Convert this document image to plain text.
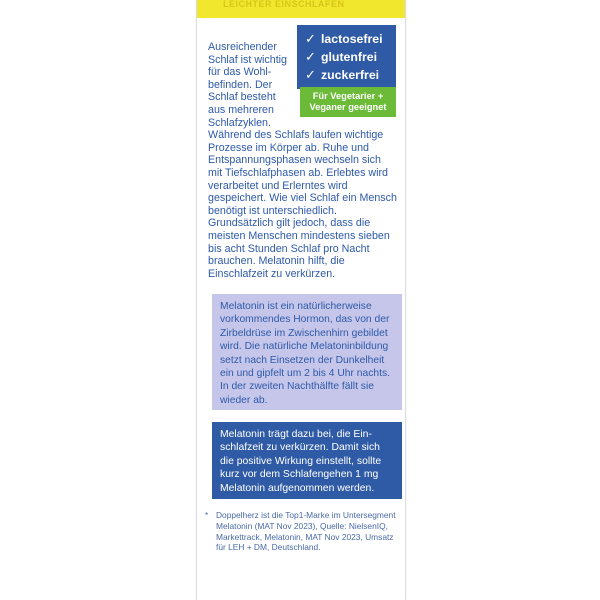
LEICHTER EINSCHLAFEN
✓ lactosefrei
✓ glutenfrei
✓ zuckerfrei
Für Vegetarier +
Veganer geeignet
Ausreichender Schlaf ist wichtig für das Wohl-befinden. Der Schlaf besteht aus mehreren Schlafzyklen. Während des Schlafs laufen wichtige Prozesse im Körper ab. Ruhe und Entspannungsphasen wechseln sich mit Tiefschlafphasen ab. Erlebtes wird verarbeitet und Erlerntes wird gespeichert. Wie viel Schlaf ein Mensch benötigt ist unterschiedlich. Grundsätzlich gilt jedoch, dass die meisten Menschen mindestens sieben bis acht Stunden Schlaf pro Nacht brauchen. Melatonin hilft, die Einschlafzeit zu verkürzen.
Melatonin ist ein natürlicherweise vorkommendes Hormon, das von der Zirbeldrüse im Zwischenhirn gebildet wird. Die natürliche Melatoninbildung setzt nach Einsetzen der Dunkelheit ein und gipfelt um 2 bis 4 Uhr nachts. In der zweiten Nachthälfte fällt sie wieder ab.
Melatonin trägt dazu bei, die Ein-schlafzeit zu verkürzen. Damit sich die positive Wirkung einstellt, sollte kurz vor dem Schlafengehen 1 mg Melatonin aufgenommen werden.
* Doppelherz ist die Top1-Marke im Untersegment Melatonin (MAT Nov 2023), Quelle: NielsenIQ, Markettrack, Melatonin, MAT Nov 2023, Umsatz für LEH + DM, Deutschland.
